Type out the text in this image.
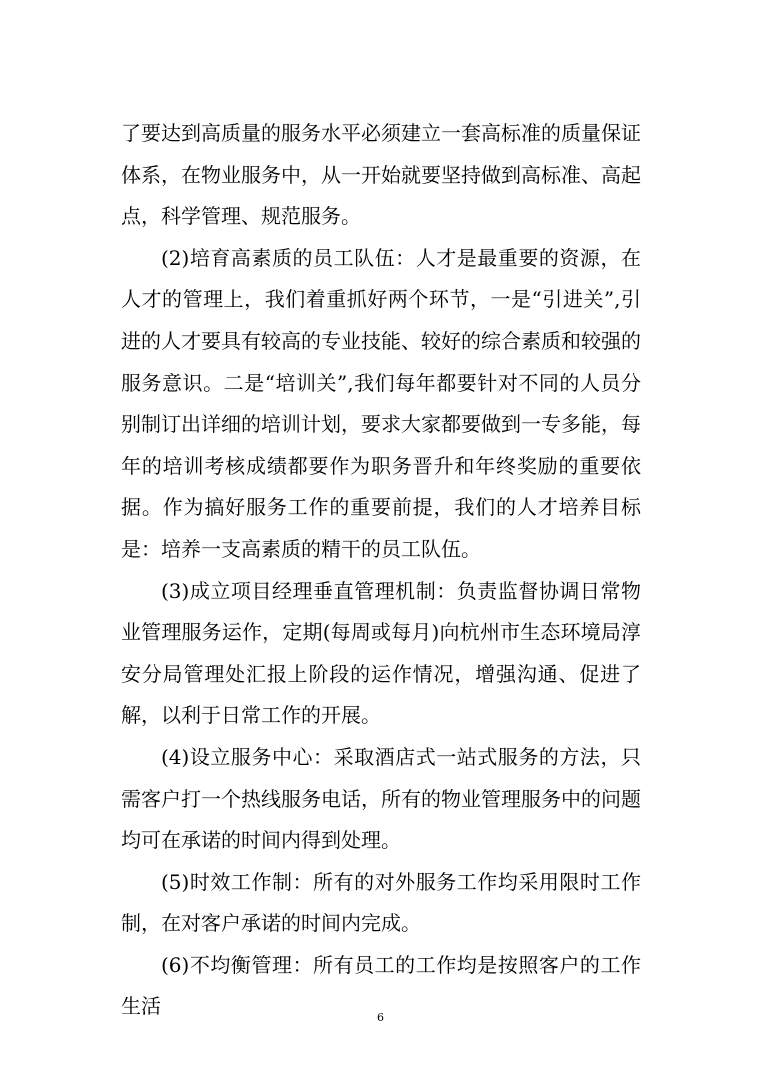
了要达到高质量的服务水平必须建立一套高标准的质量保证体系，在物业服务中，从一开始就要坚持做到高标准、高起点，科学管理、规范服务。

(2)培育高素质的员工队伍：人才是最重要的资源，在人才的管理上，我们着重抓好两个环节，一是“引进关”,引进的人才要具有较高的专业技能、较好的综合素质和较强的服务意识。二是“培训关”,我们每年都要针对不同的人员分别制订出详细的培训计划，要求大家都要做到一专多能，每年的培训考核成绩都要作为职务晋升和年终奖励的重要依据。作为搞好服务工作的重要前提，我们的人才培养目标是：培养一支高素质的精干的员工队伍。

(3)成立项目经理垂直管理机制：负责监督协调日常物业管理服务运作，定期(每周或每月)向杭州市生态环境局淳安分局管理处汇报上阶段的运作情况，增强沟通、促进了解，以利于日常工作的开展。

(4)设立服务中心：采取酒店式一站式服务的方法，只需客户打一个热线服务电话，所有的物业管理服务中的问题均可在承诺的时间内得到处理。

(5)时效工作制：所有的对外服务工作均采用限时工作制，在对客户承诺的时间内完成。

(6)不均衡管理：所有员工的工作均是按照客户的工作生活	6
